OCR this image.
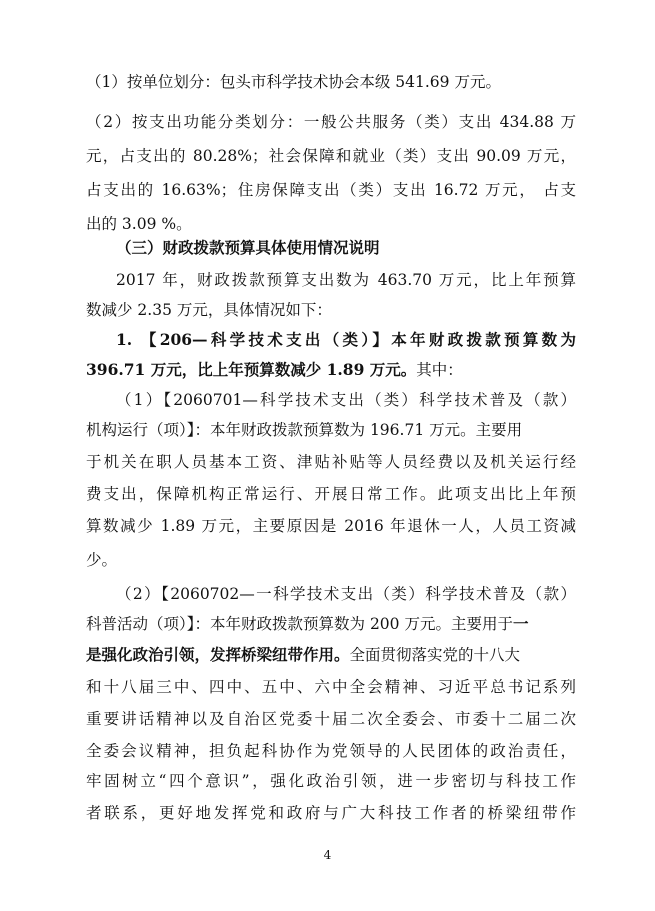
（1）按单位划分：包头市科学技术协会本级 541.69 万元。
（2）按支出功能分类划分：一般公共服务（类）支出 434.88 万
元，占支出的 80.28%；社会保障和就业（类）支出 90.09 万元，
占支出的 16.63%；住房保障支出（类）支出 16.72 万元， 占支
出的 3.09 %。
（三）财政拨款预算具体使用情况说明
2017 年，财政拨款预算支出数为 463.70 万元，比上年预算
数减少 2.35 万元，具体情况如下：
1. 【206—科学技术支出（类）】本年财政拨款预算数为
396.71 万元，比上年预算数减少 1.89 万元。其中：
（1）【2060701—科学技术支出（类）科学技术普及（款）
机构运行（项）】：本年财政拨款预算数为 196.71 万元。主要用
于机关在职人员基本工资、津贴补贴等人员经费以及机关运行经
费支出，保障机构正常运行、开展日常工作。此项支出比上年预
算数减少 1.89 万元，主要原因是 2016 年退休一人，人员工资减
少。
（2）【2060702—一科学技术支出（类）科学技术普及（款）
科普活动（项）】：本年财政拨款预算数为 200 万元。主要用于一
是强化政治引领，发挥桥梁纽带作用。全面贯彻落实党的十八大
和十八届三中、四中、五中、六中全会精神、习近平总书记系列
重要讲话精神以及自治区党委十届二次全委会、市委十二届二次
全委会议精神，担负起科协作为党领导的人民团体的政治责任，
牢固树立“四个意识”，强化政治引领，进一步密切与科技工作
者联系，更好地发挥党和政府与广大科技工作者的桥梁纽带作
4
